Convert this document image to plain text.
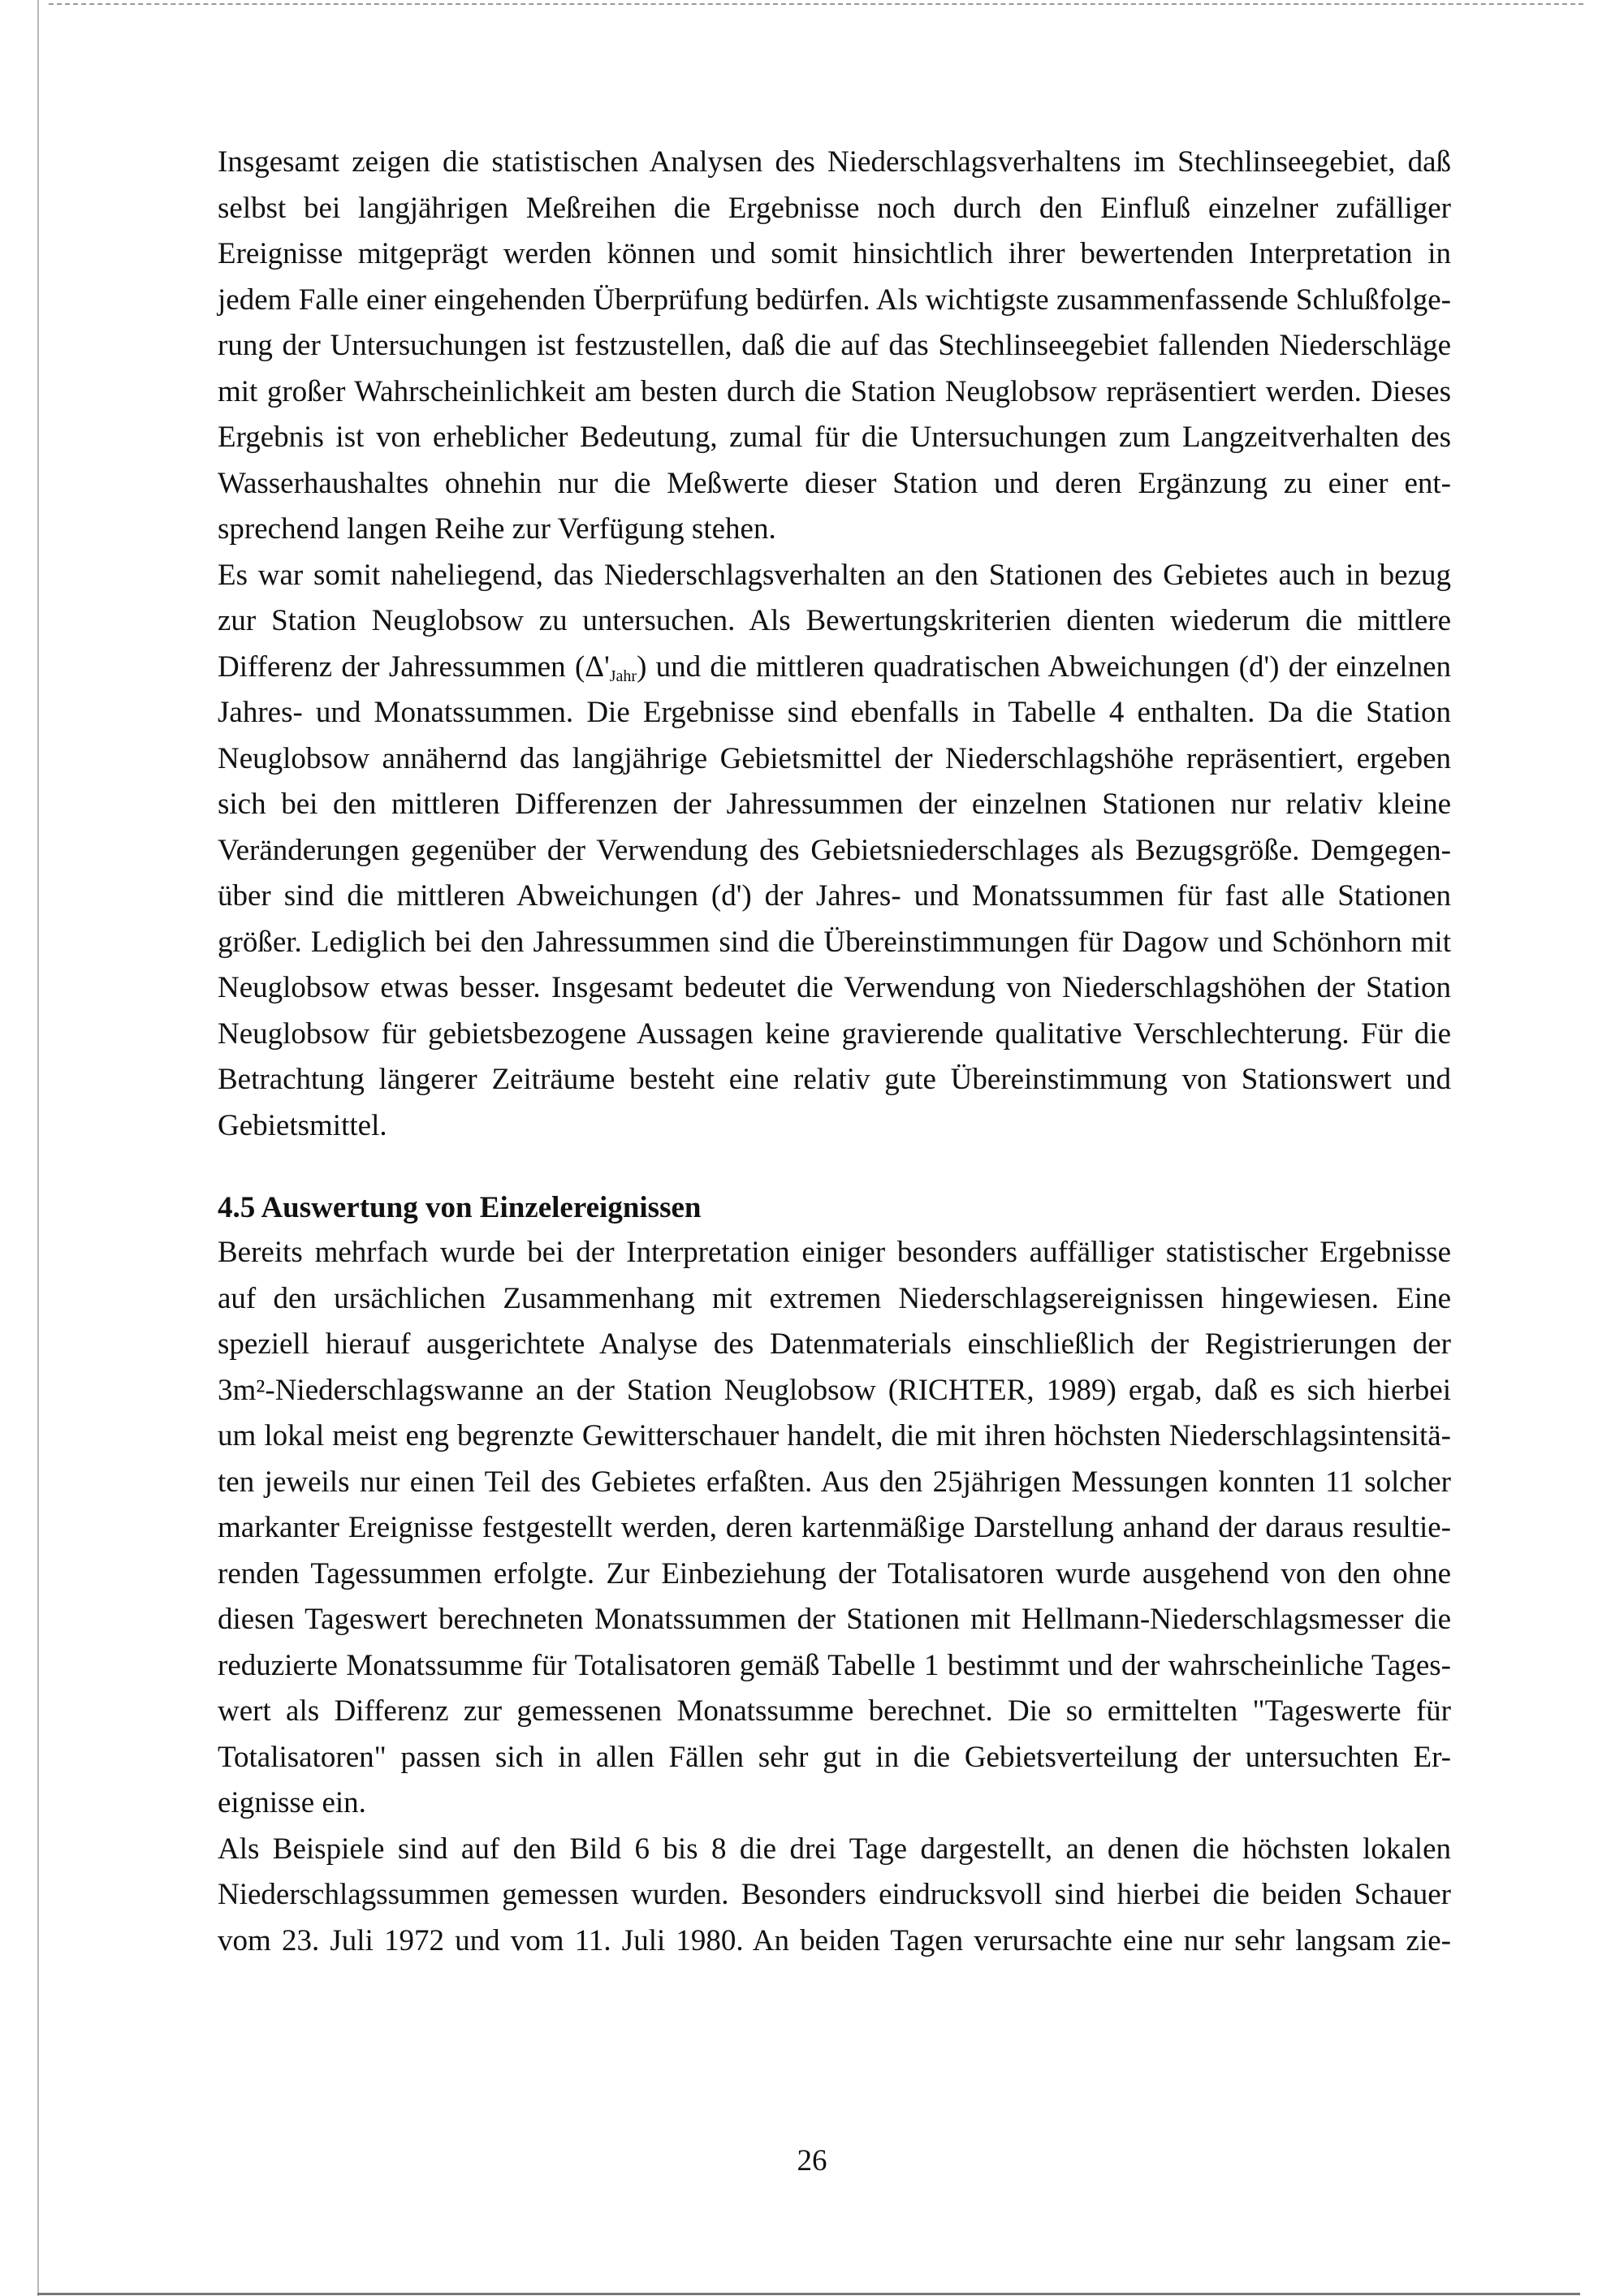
Insgesamt zeigen die statistischen Analysen des Niederschlagsverhaltens im Stechlinseegebiet, daß
selbst bei langjährigen Meßreihen die Ergebnisse noch durch den Einfluß einzelner zufälliger
Ereignisse mitgeprägt werden können und somit hinsichtlich ihrer bewertenden Interpretation in
jedem Falle einer eingehenden Überprüfung bedürfen. Als wichtigste zusammenfassende Schlußfolge-
rung der Untersuchungen ist festzustellen, daß die auf das Stechlinseegebiet fallenden Niederschläge
mit großer Wahrscheinlichkeit am besten durch die Station Neuglobsow repräsentiert werden. Dieses
Ergebnis ist von erheblicher Bedeutung, zumal für die Untersuchungen zum Langzeitverhalten des
Wasserhaushaltes ohnehin nur die Meßwerte dieser Station und deren Ergänzung zu einer ent-
sprechend langen Reihe zur Verfügung stehen.
Es war somit naheliegend, das Niederschlagsverhalten an den Stationen des Gebietes auch in bezug
zur Station Neuglobsow zu untersuchen. Als Bewertungskriterien dienten wiederum die mittlere
Differenz der Jahressummen $(\Delta'_{Jahr})$ und die mittleren quadratischen Abweichungen (d') der einzelnen
Jahres- und Monatssummen. Die Ergebnisse sind ebenfalls in Tabelle 4 enthalten. Da die Station
Neuglobsow annähernd das langjährige Gebietsmittel der Niederschlagshöhe repräsentiert, ergeben
sich bei den mittleren Differenzen der Jahressummen der einzelnen Stationen nur relativ kleine
Veränderungen gegenüber der Verwendung des Gebietsniederschlages als Bezugsgröße. Demgegen-
über sind die mittleren Abweichungen (d') der Jahres- und Monatssummen für fast alle Stationen
größer. Lediglich bei den Jahressummen sind die Übereinstimmungen für Dagow und Schönhorn mit
Neuglobsow etwas besser. Insgesamt bedeutet die Verwendung von Niederschlagshöhen der Station
Neuglobsow für gebietsbezogene Aussagen keine gravierende qualitative Verschlechterung. Für die
Betrachtung längerer Zeiträume besteht eine relativ gute Übereinstimmung von Stationswert und
Gebietsmittel.
4.5 Auswertung von Einzelereignissen
Bereits mehrfach wurde bei der Interpretation einiger besonders auffälliger statistischer Ergebnisse
auf den ursächlichen Zusammenhang mit extremen Niederschlagsereignissen hingewiesen. Eine
speziell hierauf ausgerichtete Analyse des Datenmaterials einschließlich der Registrierungen der
3m²-Niederschlagswanne an der Station Neuglobsow (RICHTER, 1989) ergab, daß es sich hierbei
um lokal meist eng begrenzte Gewitterschauer handelt, die mit ihren höchsten Niederschlagsintensitä-
ten jeweils nur einen Teil des Gebietes erfaßten. Aus den 25jährigen Messungen konnten 11 solcher
markanter Ereignisse festgestellt werden, deren kartenmäßige Darstellung anhand der daraus resultie-
renden Tagessummen erfolgte. Zur Einbeziehung der Totalisatoren wurde ausgehend von den ohne
diesen Tageswert berechneten Monatssummen der Stationen mit Hellmann-Niederschlagsmesser die
reduzierte Monatssumme für Totalisatoren gemäß Tabelle 1 bestimmt und der wahrscheinliche Tages-
wert als Differenz zur gemessenen Monatssumme berechnet. Die so ermittelten "Tageswerte für
Totalisatoren" passen sich in allen Fällen sehr gut in die Gebietsverteilung der untersuchten Er-
eignisse ein.
Als Beispiele sind auf den Bild 6 bis 8 die drei Tage dargestellt, an denen die höchsten lokalen
Niederschlagssummen gemessen wurden. Besonders eindrucksvoll sind hierbei die beiden Schauer
vom 23. Juli 1972 und vom 11. Juli 1980. An beiden Tagen verursachte eine nur sehr langsam zie-
26
